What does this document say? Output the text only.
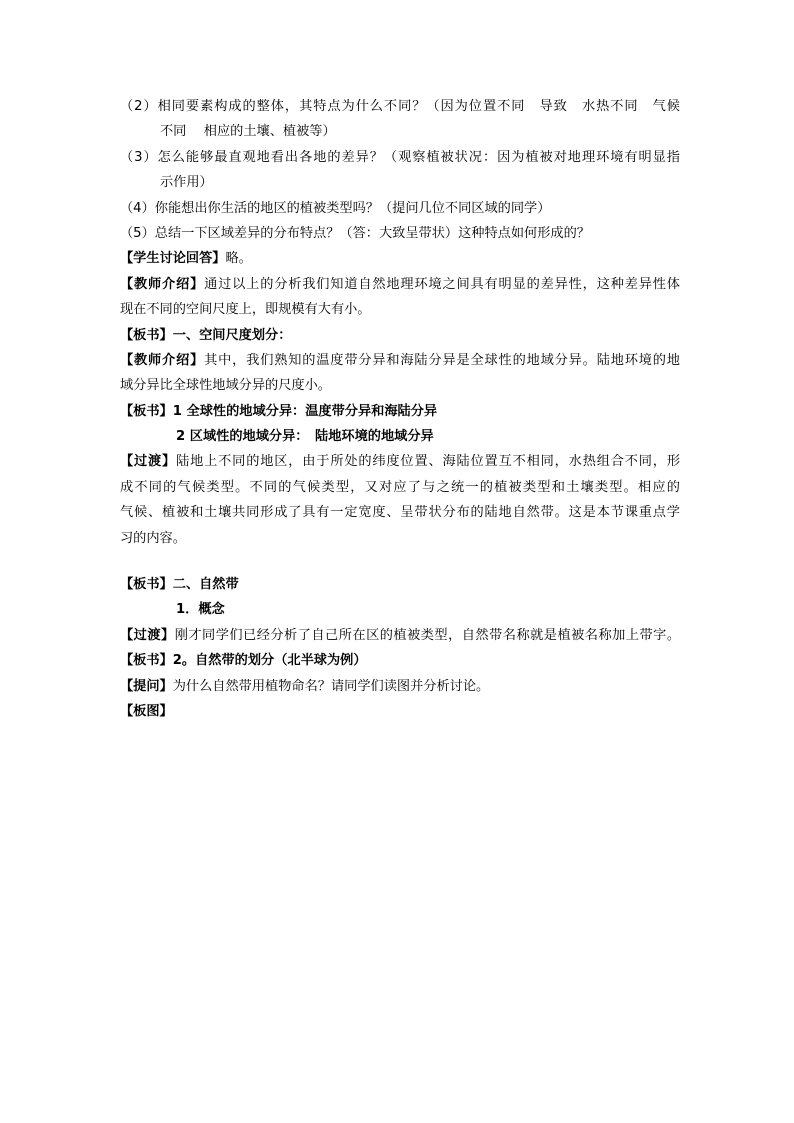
（2）相同要素构成的整体，其特点为什么不同？（因为位置不同　导致　水热不同　气候
不同　 相应的土壤、植被等）
（3）怎么能够最直观地看出各地的差异？（观察植被状况：因为植被对地理环境有明显指
示作用）
（4）你能想出你生活的地区的植被类型吗？（提问几位不同区域的同学）
（5）总结一下区域差异的分布特点？（答：大致呈带状）这种特点如何形成的？
【学生讨论回答】略。
【教师介绍】通过以上的分析我们知道自然地理环境之间具有明显的差异性，这种差异性体
现在不同的空间尺度上，即规模有大有小。
【板书】一、空间尺度划分：
【教师介绍】其中，我们熟知的温度带分异和海陆分异是全球性的地域分异。陆地环境的地
域分异比全球性地域分异的尺度小。
【板书】1 全球性的地域分异：温度带分异和海陆分异
2 区域性的地域分异：　陆地环境的地域分异
【过渡】陆地上不同的地区，由于所处的纬度位置、海陆位置互不相同，水热组合不同，形
成不同的气候类型。不同的气候类型，又对应了与之统一的植被类型和土壤类型。相应的
气候、植被和土壤共同形成了具有一定宽度、呈带状分布的陆地自然带。这是本节课重点学
习的内容。
【板书】二、自然带
1．概念
【过渡】刚才同学们已经分析了自己所在区的植被类型，自然带名称就是植被名称加上带字。
【板书】2。自然带的划分（北半球为例）
【提问】为什么自然带用植物命名？请同学们读图并分析讨论。
【板图】
